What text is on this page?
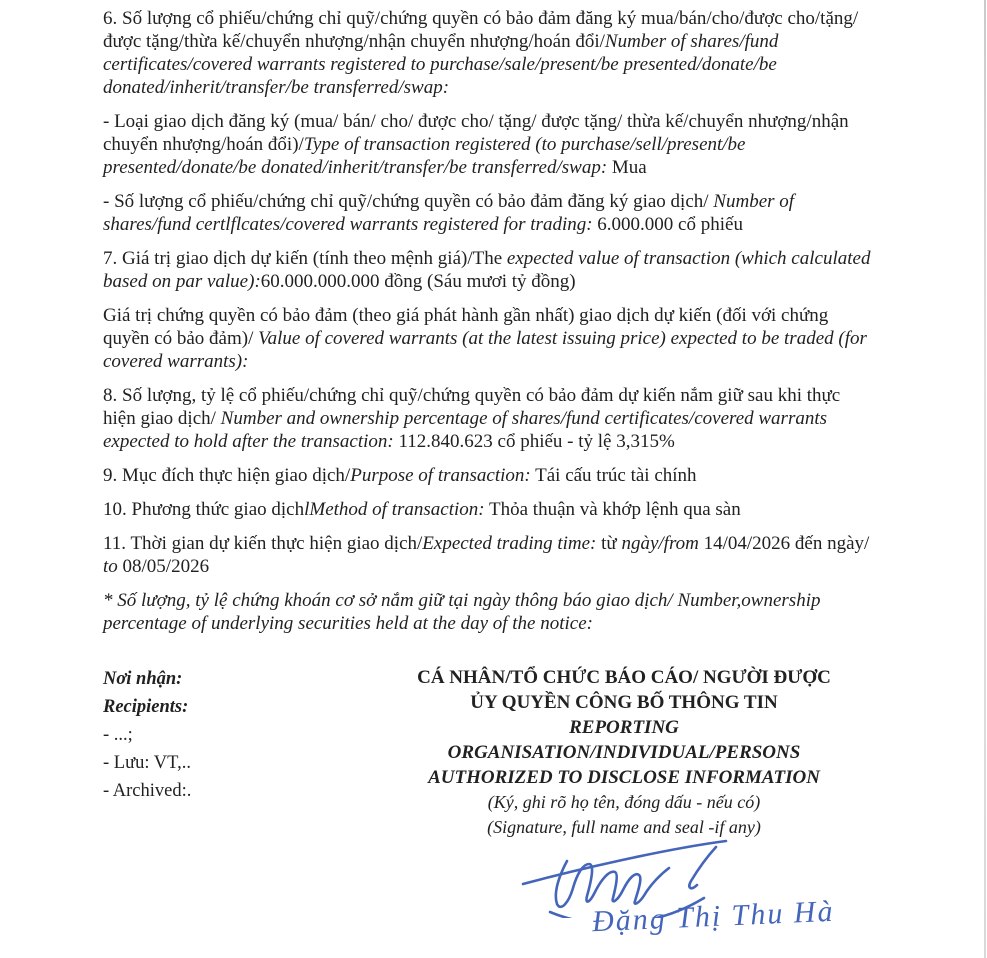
6. Số lượng cổ phiếu/chứng chỉ quỹ/chứng quyền có bảo đảm đăng ký mua/bán/cho/được cho/tặng/được tặng/thừa kế/chuyển nhượng/nhận chuyển nhượng/hoán đổi/Number of shares/fund certificates/covered warrants registered to purchase/sale/present/be presented/donate/be donated/inherit/transfer/be transferred/swap:

- Loại giao dịch đăng ký (mua/ bán/ cho/ được cho/ tặng/ được tặng/ thừa kế/chuyển nhượng/nhận chuyển nhượng/hoán đổi)/Type of transaction registered (to purchase/sell/present/be presented/donate/be donated/inherit/transfer/be transferred/swap: Mua

- Số lượng cổ phiếu/chứng chỉ quỹ/chứng quyền có bảo đảm đăng ký giao dịch/ Number of shares/fund certlflcates/covered warrants registered for trading: 6.000.000 cổ phiếu

7. Giá trị giao dịch dự kiến (tính theo mệnh giá)/The expected value of transaction (which calculated based on par value):60.000.000.000 đồng (Sáu mươi tỷ đồng)

Giá trị chứng quyền có bảo đảm (theo giá phát hành gần nhất) giao dịch dự kiến (đối với chứng quyền có bảo đảm)/ Value of covered warrants (at the latest issuing price) expected to be traded (for covered warrants):

8. Số lượng, tỷ lệ cổ phiếu/chứng chỉ quỹ/chứng quyền có bảo đảm dự kiến nắm giữ sau khi thực hiện giao dịch/ Number and ownership percentage of shares/fund certificates/covered warrants expected to hold after the transaction: 112.840.623 cổ phiếu - tỷ lệ 3,315%

9. Mục đích thực hiện giao dịch/Purpose of transaction: Tái cấu trúc tài chính

10. Phương thức giao dịchlMethod of transaction: Thỏa thuận và khớp lệnh qua sàn

11. Thời gian dự kiến thực hiện giao dịch/Expected trading time: từ ngày/from 14/04/2026 đến ngày/ to 08/05/2026

* Số lượng, tỷ lệ chứng khoán cơ sở nắm giữ tại ngày thông báo giao dịch/ Number,ownership percentage of underlying securities held at the day of the notice:

Nơi nhận:
Recipients:
- ...;
- Lưu: VT,..
- Archived:.
CÁ NHÂN/TỔ CHỨC BÁO CÁO/ NGƯỜI ĐƯỢC
ỦY QUYỀN CÔNG BỐ THÔNG TIN
REPORTING
ORGANISATION/INDIVIDUAL/PERSONS
AUTHORIZED TO DISCLOSE INFORMATION
(Ký, ghi rõ họ tên, đóng dấu - nếu có)
(Signature, full name and seal -if any)
Đặng Thị Thu Hà
